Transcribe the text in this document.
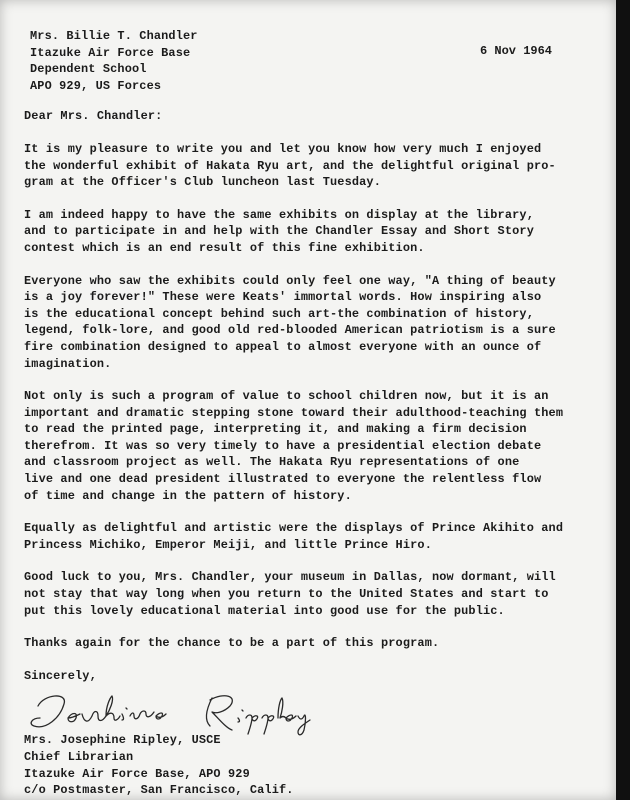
6 Nov 1964
Mrs. Billie T. Chandler
Itazuke Air Force Base
Dependent School
APO 929, US Forces
Dear Mrs. Chandler:
It is my pleasure to write you and let you know how very much I enjoyed
the wonderful exhibit of Hakata Ryu art, and the delightful original pro-
gram at the Officer's Club luncheon last Tuesday.
I am indeed happy to have the same exhibits on display at the library,
and to participate in and help with the Chandler Essay and Short Story
contest which is an end result of this fine exhibition.
Everyone who saw the exhibits could only feel one way, "A thing of beauty
is a joy forever!" These were Keats' immortal words. How inspiring also
is the educational concept behind such art-the combination of history,
legend, folk-lore, and good old red-blooded American patriotism is a sure
fire combination designed to appeal to almost everyone with an ounce of
imagination.
Not only is such a program of value to school children now, but it is an
important and dramatic stepping stone toward their adulthood-teaching them
to read the printed page, interpreting it, and making a firm decision
therefrom. It was so very timely to have a presidential election debate
and classroom project as well. The Hakata Ryu representations of one
live and one dead president illustrated to everyone the relentless flow
of time and change in the pattern of history.
Equally as delightful and artistic were the displays of Prince Akihito and
Princess Michiko, Emperor Meiji, and little Prince Hiro.
Good luck to you, Mrs. Chandler, your museum in Dallas, now dormant, will
not stay that way long when you return to the United States and start to
put this lovely educational material into good use for the public.
Thanks again for the chance to be a part of this program.
Sincerely,
Mrs. Josephine Ripley, USCE
Chief Librarian
Itazuke Air Force Base, APO 929
c/o Postmaster, San Francisco, Calif.
